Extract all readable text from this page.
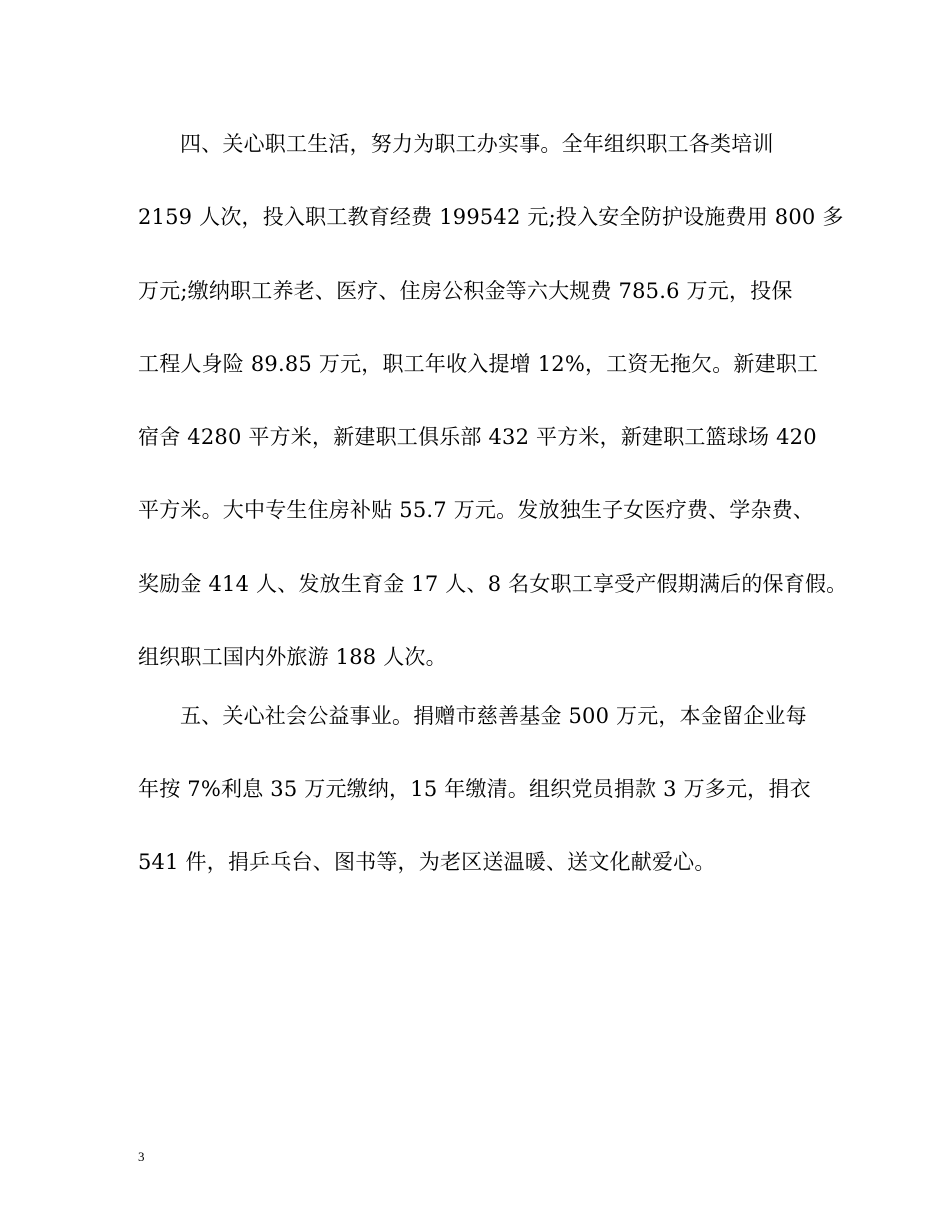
四、关心职工生活，努力为职工办实事。全年组织职工各类培训
2159 人次，投入职工教育经费 199542 元;投入安全防护设施费用 800 多
万元;缴纳职工养老、医疗、住房公积金等六大规费 785.6 万元，投保
工程人身险 89.85 万元，职工年收入提增 12%，工资无拖欠。新建职工
宿舍 4280 平方米，新建职工俱乐部 432 平方米，新建职工篮球场 420
平方米。大中专生住房补贴 55.7 万元。发放独生子女医疗费、学杂费、
奖励金 414 人、发放生育金 17 人、8 名女职工享受产假期满后的保育假。
组织职工国内外旅游 188 人次。
五、关心社会公益事业。捐赠市慈善基金 500 万元，本金留企业每
年按 7%利息 35 万元缴纳，15 年缴清。组织党员捐款 3 万多元，捐衣
541 件，捐乒乓台、图书等，为老区送温暖、送文化献爱心。
3
